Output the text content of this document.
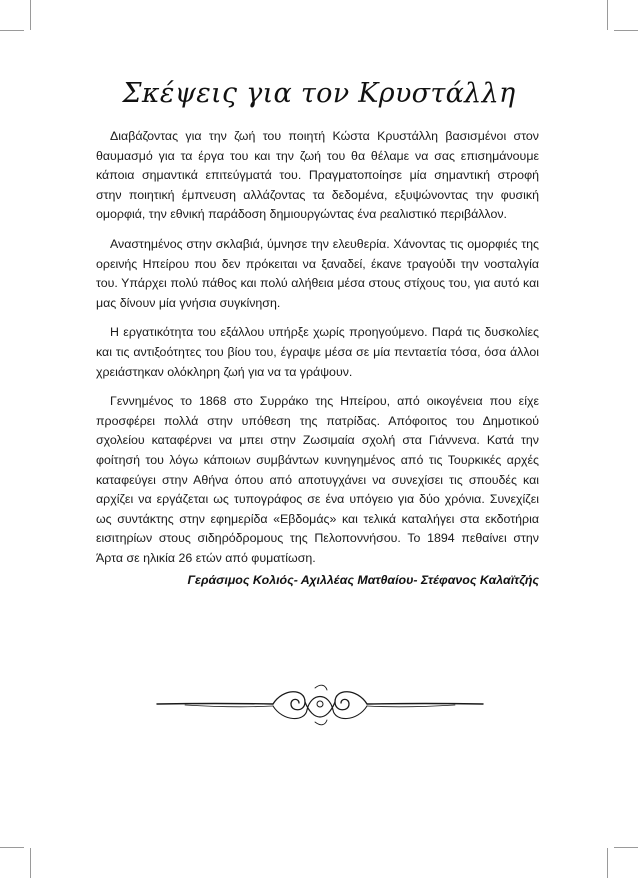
Σκέψεις για τον Κρυστάλλη

Διαβάζοντας για την ζωή του ποιητή Κώστα Κρυστάλλη βασισμένοι στον θαυμασμό για τα έργα του και την ζωή του θα θέλαμε να σας επισημάνουμε κάποια σημαντικά επιτεύγματά του. Πραγματοποίησε μία σημαντική στροφή στην ποιητική έμπνευση αλλάζοντας τα δεδομένα, εξυψώνοντας την φυσική ομορφιά, την εθνική παράδοση δημιουργώντας ένα ρεαλιστικό περιβάλλον.

Αναστημένος στην σκλαβιά, ύμνησε την ελευθερία. Χάνοντας τις ομορφιές της ορεινής Ηπείρου που δεν πρόκειται να ξαναδεί, έκανε τραγούδι την νοσταλγία του. Υπάρχει πολύ πάθος και πολύ αλήθεια μέσα στους στίχους του, για αυτό και μας δίνουν μία γνήσια συγκίνηση.

Η εργατικότητα του εξάλλου υπήρξε χωρίς προηγούμενο. Παρά τις δυσκολίες και τις αντιξοότητες του βίου του, έγραψε μέσα σε μία πενταετία τόσα, όσα άλλοι χρειάστηκαν ολόκληρη ζωή για να τα γράψουν.

Γεννημένος το 1868 στο Συρράκο της Ηπείρου, από οικογένεια που είχε προσφέρει πολλά στην υπόθεση της πατρίδας. Απόφοιτος του Δημοτικού σχολείου καταφέρνει να μπει στην Ζωσιμαία σχολή στα Γιάννενα. Κατά την φοίτησή του λόγω κάποιων συμβάντων κυνηγημένος από τις Τουρκικές αρχές καταφεύγει στην Αθήνα όπου από αποτυγχάνει να συνεχίσει τις σπουδές και αρχίζει να εργάζεται ως τυπογράφος σε ένα υπόγειο για δύο χρόνια. Συνεχίζει ως συντάκτης στην εφημερίδα «Εβδομάς» και τελικά καταλήγει στα εκδοτήρια εισιτηρίων στους σιδηρόδρομους της Πελοποννήσου. Το 1894 πεθαίνει στην Άρτα σε ηλικία 26 ετών από φυματίωση.

Γεράσιμος Κολιός- Αχιλλέας Ματθαίου- Στέφανος Καλαϊτζής
